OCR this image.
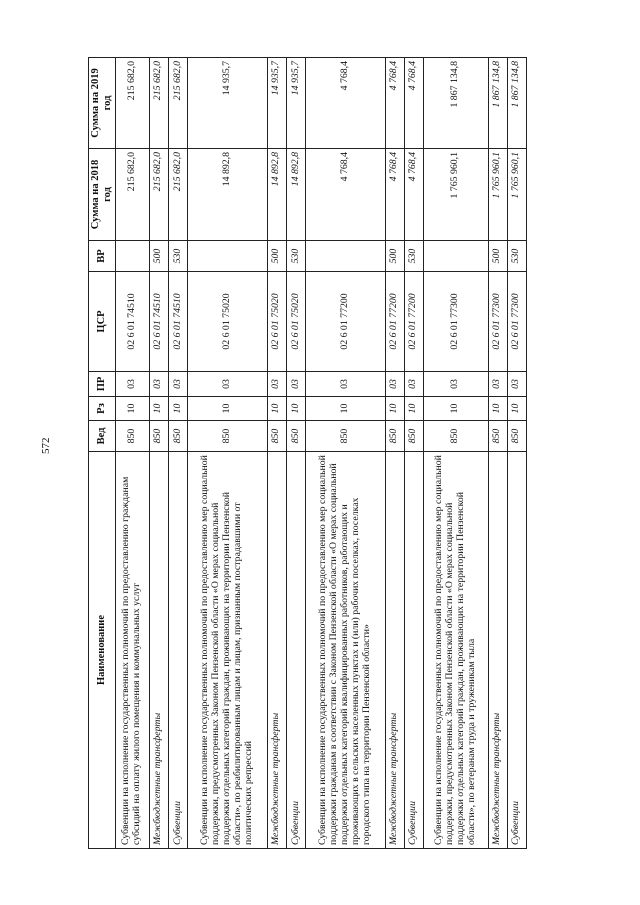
572
Наименование	Вед	Рз	ПР	ЦСР	ВР	Сумма на 2018 год	Сумма на 2019 год
Субвенции на исполнение государственных полномочий по предоставлению гражданам субсидий на оплату жилого помещения и коммунальных услуг	850	10	03	02 6 01 74510		215 682,0	215 682,0
Межбюджетные трансферты	850	10	03	02 6 01 74510	500	215 682,0	215 682,0
Субвенции	850	10	03	02 6 01 74510	530	215 682,0	215 682,0
Субвенции на исполнение государственных полномочий по предоставлению мер социальной поддержки, предусмотренных Законом Пензенской области «О мерах социальной поддержки отдельных категорий граждан, проживающих на территории Пензенской области», по реабилитированным лицам и лицам, признанным пострадавшими от политических репрессий	850	10	03	02 6 01 75020		14 892,8	14 935,7
Межбюджетные трансферты	850	10	03	02 6 01 75020	500	14 892,8	14 935,7
Субвенции	850	10	03	02 6 01 75020	530	14 892,8	14 935,7
Субвенции на исполнение государственных полномочий по предоставлению мер социальной поддержки гражданам в соответствии с Законом Пензенской области «О мерах социальной поддержки отдельных категорий квалифицированных работников, работающих и проживающих в сельских населенных пунктах и (или) рабочих поселках, поселках городского типа на территории Пензенской области»	850	10	03	02 6 01 77200		4 768,4	4 768,4
Межбюджетные трансферты	850	10	03	02 6 01 77200	500	4 768,4	4 768,4
Субвенции	850	10	03	02 6 01 77200	530	4 768,4	4 768,4
Субвенции на исполнение государственных полномочий по предоставлению мер социальной поддержки, предусмотренных Законом Пензенской области «О мерах социальной поддержки отдельных категорий граждан, проживающих на территории Пензенской области», по ветеранам труда и труженикам тыла	850	10	03	02 6 01 77300		1 765 960,1	1 867 134,8
Межбюджетные трансферты	850	10	03	02 6 01 77300	500	1 765 960,1	1 867 134,8
Субвенции	850	10	03	02 6 01 77300	530	1 765 960,1	1 867 134,8
